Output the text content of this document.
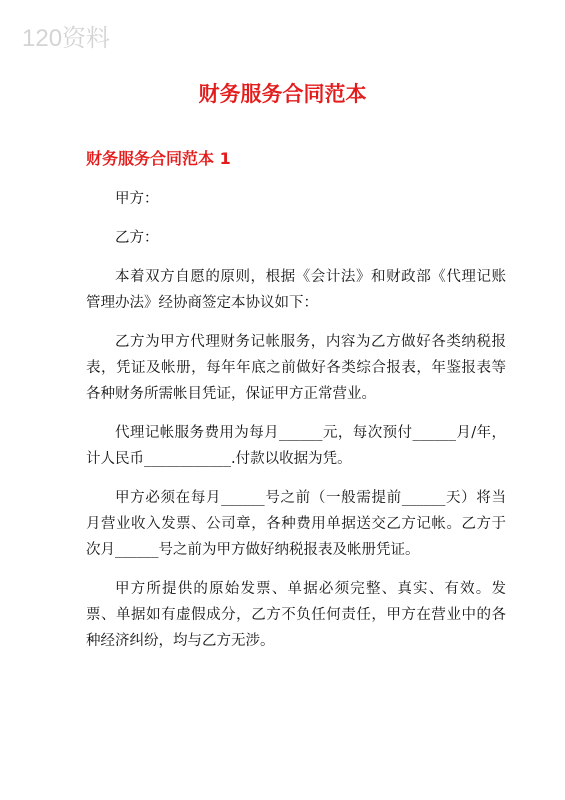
120资料
财务服务合同范本
财务服务合同范本 1

甲方：

乙方：

本着双方自愿的原则，根据《会计法》和财政部《代理记账管理办法》经协商签定本协议如下：

乙方为甲方代理财务记帐服务，内容为乙方做好各类纳税报表，凭证及帐册，每年年底之前做好各类综合报表，年鉴报表等各种财务所需帐目凭证，保证甲方正常营业。

代理记帐服务费用为每月______元，每次预付______月/年，计人民币____________.付款以收据为凭。

甲方必须在每月______号之前（一般需提前______天）将当月营业收入发票、公司章，各种费用单据送交乙方记帐。乙方于次月______号之前为甲方做好纳税报表及帐册凭证。

甲方所提供的原始发票、单据必须完整、真实、有效。发票、单据如有虚假成分，乙方不负任何责任，甲方在营业中的各种经济纠纷，均与乙方无涉。
